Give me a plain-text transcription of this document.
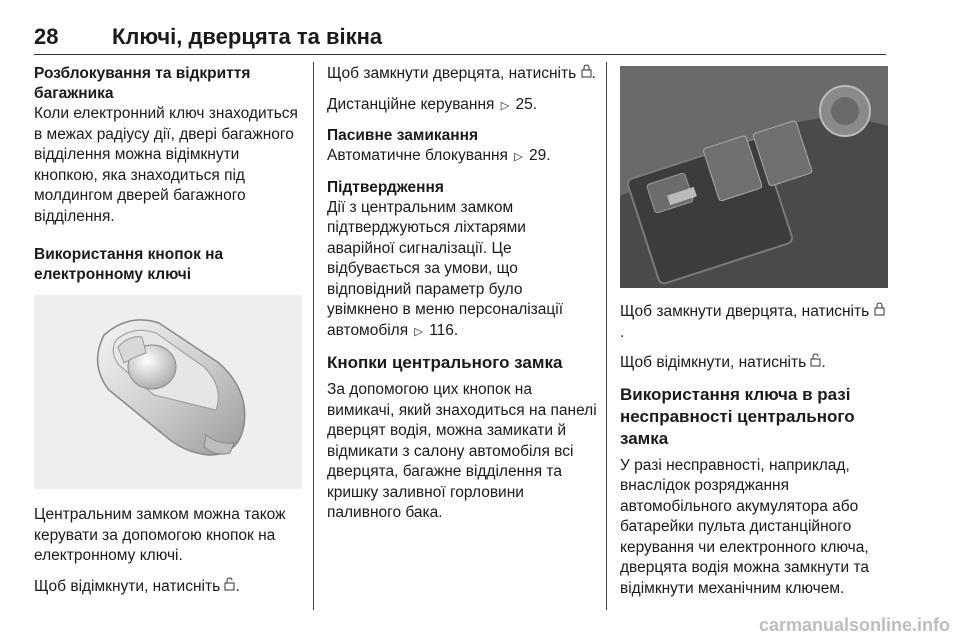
28 Ключі, дверцята та вікна
Розблокування та відкриття багажника

Коли електронний ключ знаходиться в межах радіусу дії, двері багажного відділення можна відімкнути кнопкою, яка знаходиться під молдингом дверей багажного відділення.

Використання кнопок на електронному ключі

Центральним замком можна також керувати за допомогою кнопок на електронному ключі.

Щоб відімкнути, натисніть .

Щоб замкнути дверцята, натисніть .

Дистанційне керування ▷ 25.

Пасивне замикання

Автоматичне блокування ▷ 29.

Підтвердження

Дії з центральним замком підтверджуються ліхтарями аварійної сигналізації. Це відбувається за умови, що відповідний параметр було увімкнено в меню персоналізації автомобіля ▷ 116.

Кнопки центрального замка

За допомогою цих кнопок на вимикачі, який знаходиться на панелі дверцят водія, можна замикати й відмикати з салону автомобіля всі дверцята, багажне відділення та кришку заливної горловини паливного бака.

Щоб замкнути дверцята, натисніть .

Щоб відімкнути, натисніть .

Використання ключа в разі несправності центрального замка

У разі несправності, наприклад, внаслідок розряджання автомобільного акумулятора або батарейки пульта дистанційного керування чи електронного ключа, дверцята водія можна замкнути та відімкнути механічним ключем.

carmanualsonline.info
